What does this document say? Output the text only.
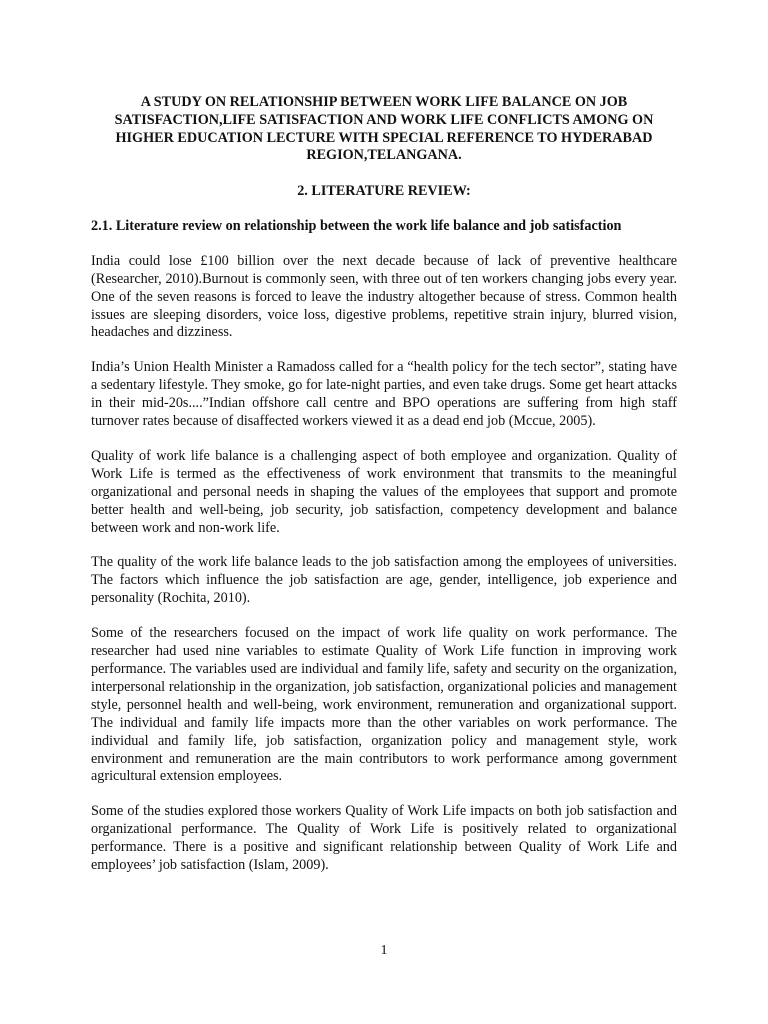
A STUDY ON RELATIONSHIP BETWEEN WORK LIFE BALANCE ON JOB SATISFACTION,LIFE SATISFACTION AND WORK LIFE CONFLICTS AMONG ON HIGHER EDUCATION LECTURE WITH SPECIAL REFERENCE TO HYDERABAD REGION,TELANGANA.

2. LITERATURE REVIEW:

2.1. Literature review on relationship between the work life balance and job satisfaction

India could lose £100 billion over the next decade because of lack of preventive healthcare (Researcher, 2010).Burnout is commonly seen, with three out of ten workers changing jobs every year. One of the seven reasons is forced to leave the industry altogether because of stress. Common health issues are sleeping disorders, voice loss, digestive problems, repetitive strain injury, blurred vision, headaches and dizziness.

India’s Union Health Minister a Ramadoss called for a “health policy for the tech sector”, stating have a sedentary lifestyle. They smoke, go for late-night parties, and even take drugs. Some get heart attacks in their mid-20s....”Indian offshore call centre and BPO operations are suffering from high staff turnover rates because of disaffected workers viewed it as a dead end job (Mccue, 2005).

Quality of work life balance is a challenging aspect of both employee and organization. Quality of Work Life is termed as the effectiveness of work environment that transmits to the meaningful organizational and personal needs in shaping the values of the employees that support and promote better health and well-being, job security, job satisfaction, competency development and balance between work and non-work life.

The quality of the work life balance leads to the job satisfaction among the employees of universities. The factors which influence the job satisfaction are age, gender, intelligence, job experience and personality (Rochita, 2010).

Some of the researchers focused on the impact of work life quality on work performance. The researcher had used nine variables to estimate Quality of Work Life function in improving work performance. The variables used are individual and family life, safety and security on the organization, interpersonal relationship in the organization, job satisfaction, organizational policies and management style, personnel health and well-being, work environment, remuneration and organizational support. The individual and family life impacts more than the other variables on work performance. The individual and family life, job satisfaction, organization policy and management style, work environment and remuneration are the main contributors to work performance among government agricultural extension employees.

Some of the studies explored those workers Quality of Work Life impacts on both job satisfaction and organizational performance. The Quality of Work Life is positively related to organizational performance. There is a positive and significant relationship between Quality of Work Life and employees’ job satisfaction (Islam, 2009).

1
